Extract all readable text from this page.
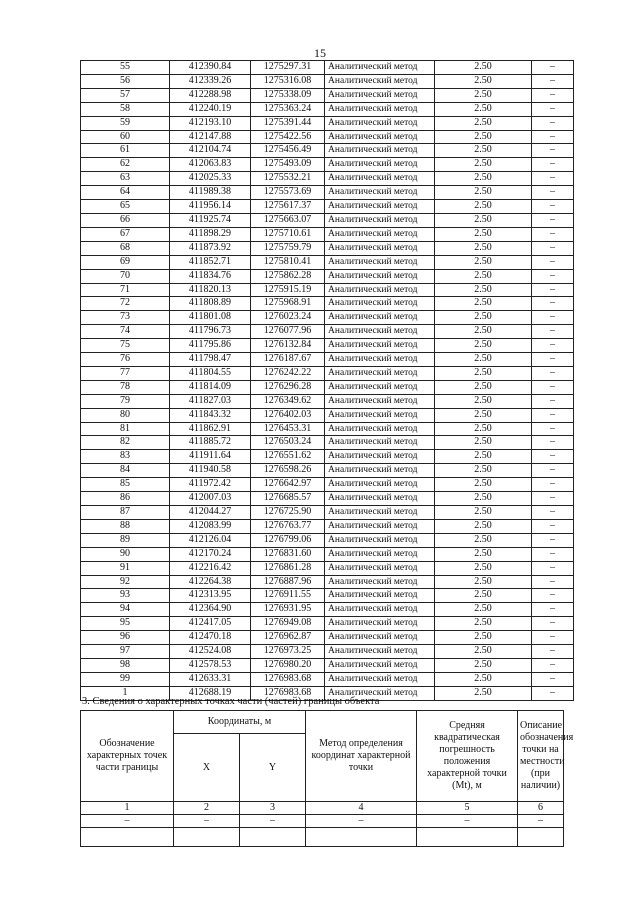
15
55	412390.84	1275297.31	Аналитический метод	2.50	–
56	412339.26	1275316.08	Аналитический метод	2.50	–
57	412288.98	1275338.09	Аналитический метод	2.50	–
58	412240.19	1275363.24	Аналитический метод	2.50	–
59	412193.10	1275391.44	Аналитический метод	2.50	–
60	412147.88	1275422.56	Аналитический метод	2.50	–
61	412104.74	1275456.49	Аналитический метод	2.50	–
62	412063.83	1275493.09	Аналитический метод	2.50	–
63	412025.33	1275532.21	Аналитический метод	2.50	–
64	411989.38	1275573.69	Аналитический метод	2.50	–
65	411956.14	1275617.37	Аналитический метод	2.50	–
66	411925.74	1275663.07	Аналитический метод	2.50	–
67	411898.29	1275710.61	Аналитический метод	2.50	–
68	411873.92	1275759.79	Аналитический метод	2.50	–
69	411852.71	1275810.41	Аналитический метод	2.50	–
70	411834.76	1275862.28	Аналитический метод	2.50	–
71	411820.13	1275915.19	Аналитический метод	2.50	–
72	411808.89	1275968.91	Аналитический метод	2.50	–
73	411801.08	1276023.24	Аналитический метод	2.50	–
74	411796.73	1276077.96	Аналитический метод	2.50	–
75	411795.86	1276132.84	Аналитический метод	2.50	–
76	411798.47	1276187.67	Аналитический метод	2.50	–
77	411804.55	1276242.22	Аналитический метод	2.50	–
78	411814.09	1276296.28	Аналитический метод	2.50	–
79	411827.03	1276349.62	Аналитический метод	2.50	–
80	411843.32	1276402.03	Аналитический метод	2.50	–
81	411862.91	1276453.31	Аналитический метод	2.50	–
82	411885.72	1276503.24	Аналитический метод	2.50	–
83	411911.64	1276551.62	Аналитический метод	2.50	–
84	411940.58	1276598.26	Аналитический метод	2.50	–
85	411972.42	1276642.97	Аналитический метод	2.50	–
86	412007.03	1276685.57	Аналитический метод	2.50	–
87	412044.27	1276725.90	Аналитический метод	2.50	–
88	412083.99	1276763.77	Аналитический метод	2.50	–
89	412126.04	1276799.06	Аналитический метод	2.50	–
90	412170.24	1276831.60	Аналитический метод	2.50	–
91	412216.42	1276861.28	Аналитический метод	2.50	–
92	412264.38	1276887.96	Аналитический метод	2.50	–
93	412313.95	1276911.55	Аналитический метод	2.50	–
94	412364.90	1276931.95	Аналитический метод	2.50	–
95	412417.05	1276949.08	Аналитический метод	2.50	–
96	412470.18	1276962.87	Аналитический метод	2.50	–
97	412524.08	1276973.25	Аналитический метод	2.50	–
98	412578.53	1276980.20	Аналитический метод	2.50	–
99	412633.31	1276983.68	Аналитический метод	2.50	–
1	412688.19	1276983.68	Аналитический метод	2.50	–
3. Сведения о характерных точках части (частей) границы объекта
Обозначение характерных точек части границы	Координаты, м		Метод определения координат характерной точки	Средняя квадратическая погрешность положения характерной точки (Mt), м	Описание обозначения точки на местности (при наличии)
	X	Y			
1	2	3	4	5	6
–	–	–	–	–	–
